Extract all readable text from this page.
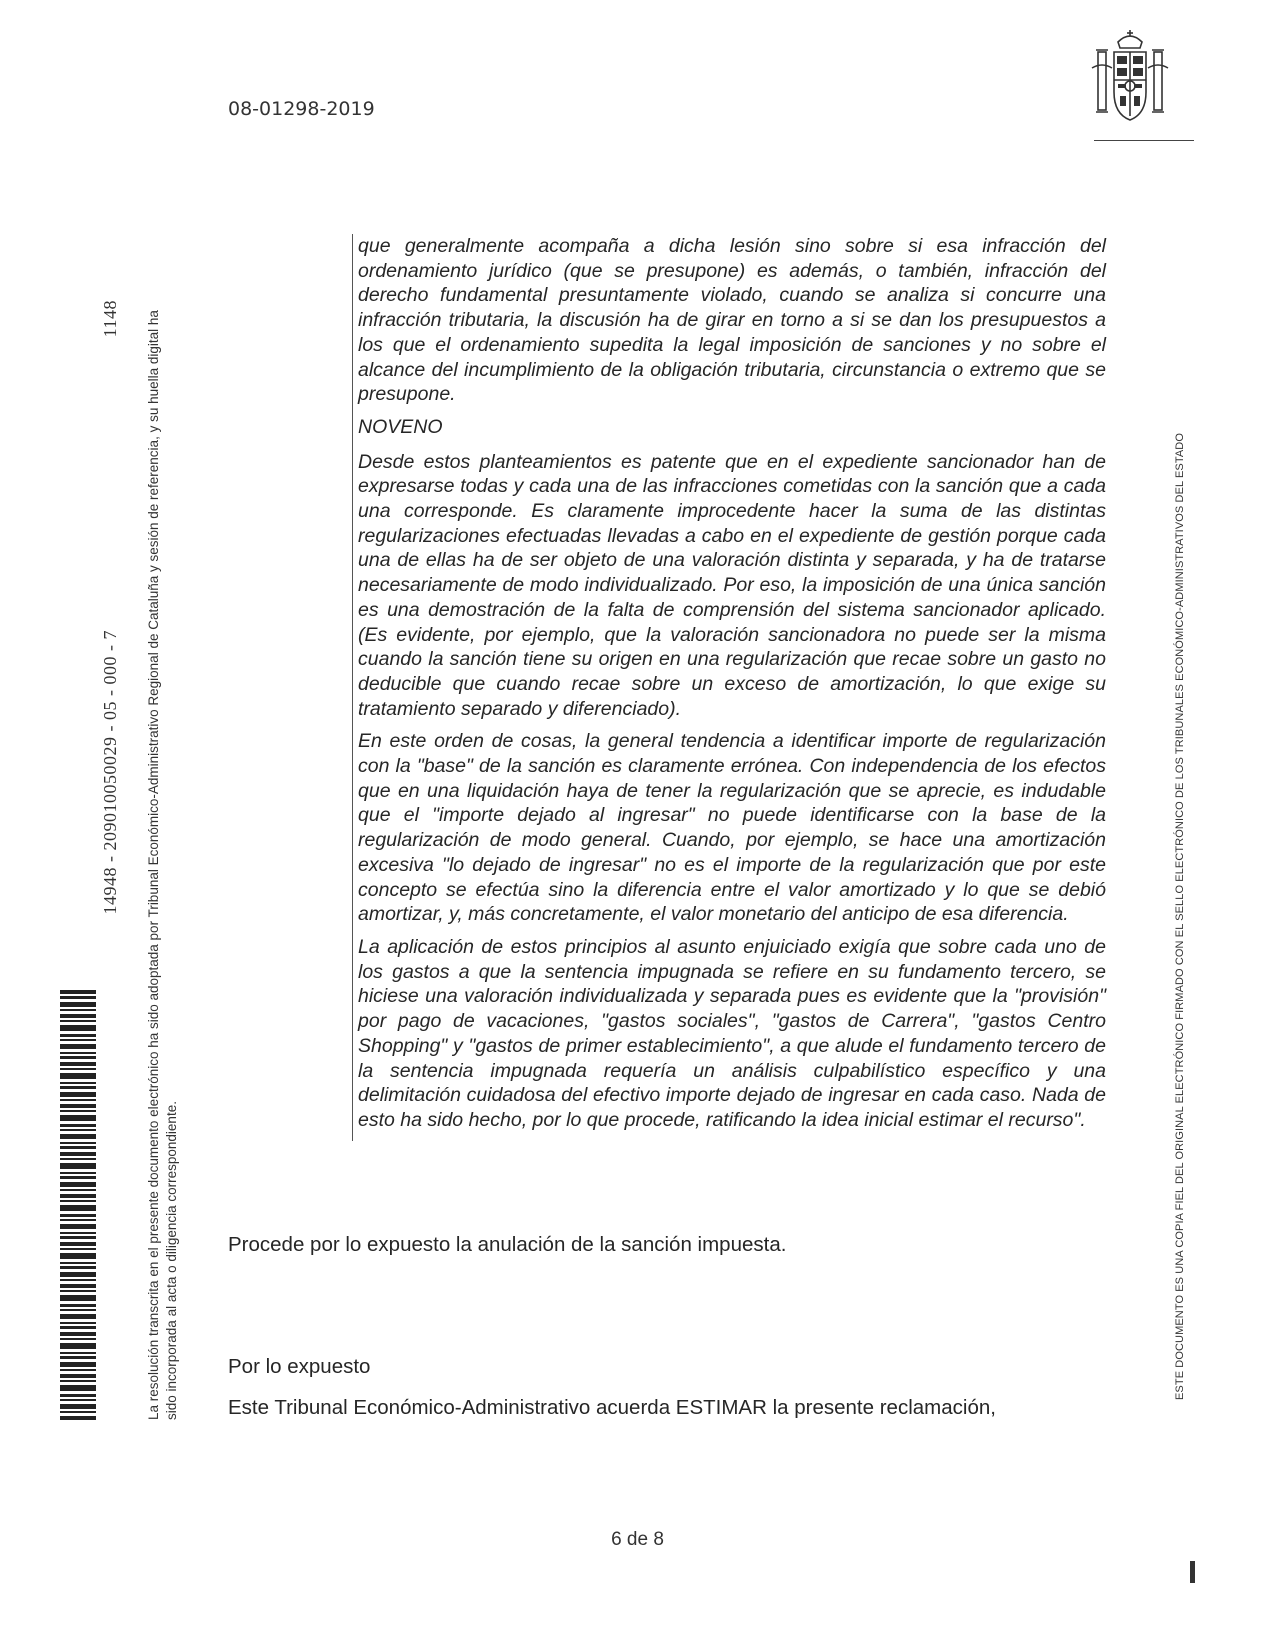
08-01298-2019
14948 - 209010050029 - 05 - 000 - 7
1148 La resolución transcrita en el presente documento electrónico ha sido adoptada por Tribunal Económico-Administrativo Regional de Cataluña y sesión de referencia, y su huella digital ha sido incorporada al acta o diligencia correspondiente.	ESTE DOCUMENTO ES UNA COPIA FIEL DEL ORIGINAL ELECTRÓNICO FIRMADO CON EL SELLO ELECTRÓNICO DE LOS TRIBUNALES ECONÓMICO-ADMINISTRATIVOS DEL ESTADO

que generalmente acompaña a dicha lesión sino sobre si esa infracción del ordenamiento jurídico (que se presupone) es además, o también, infracción del derecho fundamental presuntamente violado, cuando se analiza si concurre una infracción tributaria, la discusión ha de girar en torno a si se dan los presupuestos a los que el ordenamiento supedita la legal imposición de sanciones y no sobre el alcance del incumplimiento de la obligación tributaria, circunstancia o extremo que se presupone.

NOVENO

Desde estos planteamientos es patente que en el expediente sancionador han de expresarse todas y cada una de las infracciones cometidas con la sanción que a cada una corresponde. Es claramente improcedente hacer la suma de las distintas regularizaciones efectuadas llevadas a cabo en el expediente de gestión porque cada una de ellas ha de ser objeto de una valoración distinta y separada, y ha de tratarse necesariamente de modo individualizado. Por eso, la imposición de una única sanción es una demostración de la falta de comprensión del sistema sancionador aplicado. (Es evidente, por ejemplo, que la valoración sancionadora no puede ser la misma cuando la sanción tiene su origen en una regularización que recae sobre un gasto no deducible que cuando recae sobre un exceso de amortización, lo que exige su tratamiento separado y diferenciado).

En este orden de cosas, la general tendencia a identificar importe de regularización con la "base" de la sanción es claramente errónea. Con independencia de los efectos que en una liquidación haya de tener la regularización que se aprecie, es indudable que el "importe dejado al ingresar" no puede identificarse con la base de la regularización de modo general. Cuando, por ejemplo, se hace una amortización excesiva "lo dejado de ingresar" no es el importe de la regularización que por este concepto se efectúa sino la diferencia entre el valor amortizado y lo que se debió amortizar, y, más concretamente, el valor monetario del anticipo de esa diferencia.

La aplicación de estos principios al asunto enjuiciado exigía que sobre cada uno de los gastos a que la sentencia impugnada se refiere en su fundamento tercero, se hiciese una valoración individualizada y separada pues es evidente que la "provisión" por pago de vacaciones, "gastos sociales", "gastos de Carrera", "gastos Centro Shopping" y "gastos de primer establecimiento", a que alude el fundamento tercero de la sentencia impugnada requería un análisis culpabilístico específico y una delimitación cuidadosa del efectivo importe dejado de ingresar en cada caso. Nada de esto ha sido hecho, por lo que procede, ratificando la idea inicial estimar el recurso".

Procede por lo expuesto la anulación de la sanción impuesta.
Por lo expuesto
Este Tribunal Económico-Administrativo acuerda ESTIMAR la presente reclamación,
6 de 8
